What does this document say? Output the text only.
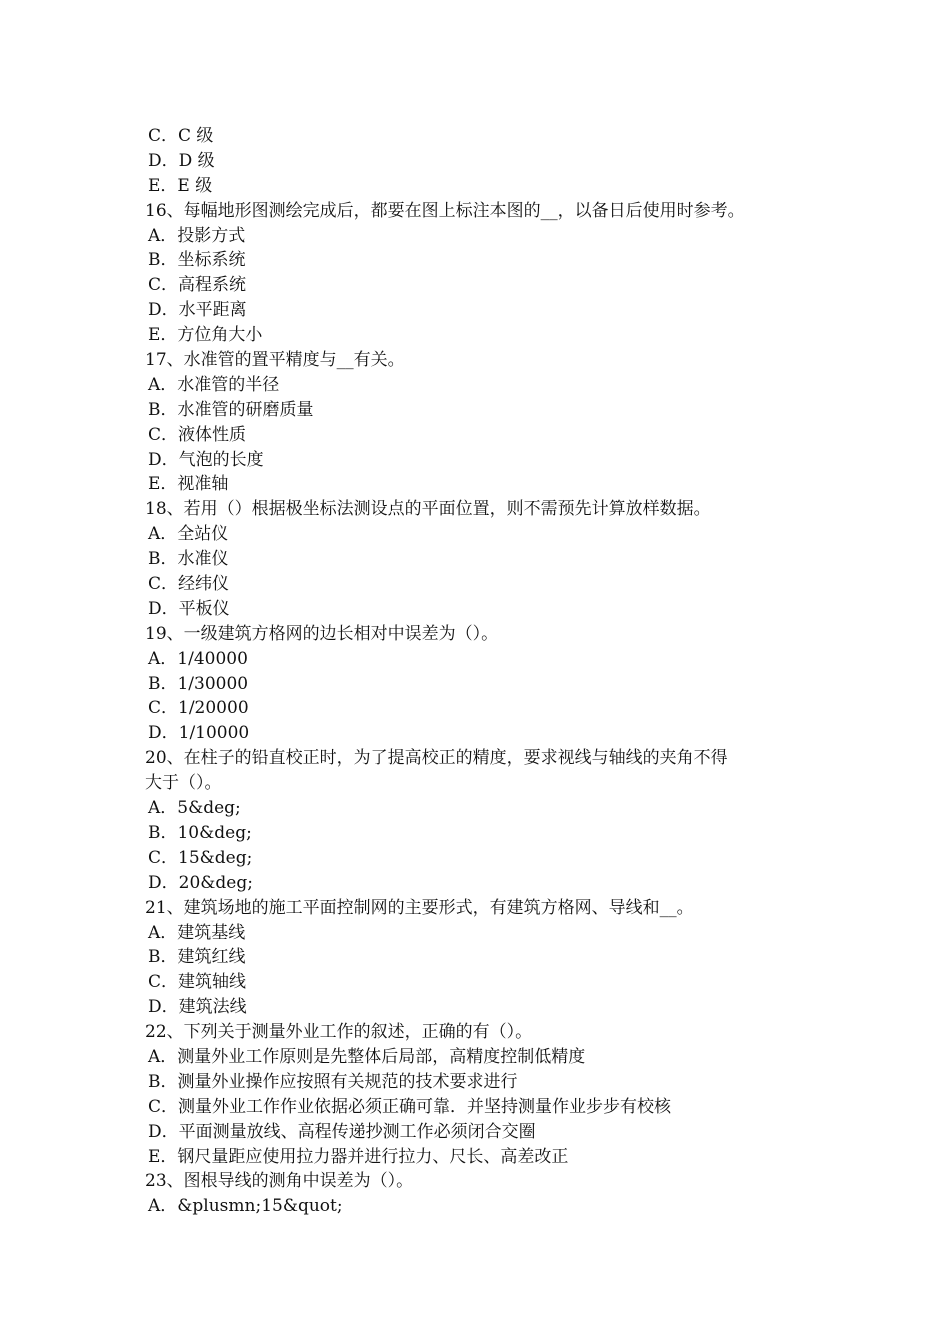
C．C 级
D．D 级
E．E 级
16、每幅地形图测绘完成后，都要在图上标注本图的__，以备日后使用时参考。
A．投影方式
B．坐标系统
C．高程系统
D．水平距离
E．方位角大小
17、水准管的置平精度与__有关。
A．水准管的半径
B．水准管的研磨质量
C．液体性质
D．气泡的长度
E．视准轴
18、若用（）根据极坐标法测设点的平面位置，则不需预先计算放样数据。
A．全站仪
B．水准仪
C．经纬仪
D．平板仪
19、一级建筑方格网的边长相对中误差为（）。
A．1/40000
B．1/30000
C．1/20000
D．1/10000
20、在柱子的铅直校正时，为了提高校正的精度，要求视线与轴线的夹角不得
大于（）。
A．5&deg;
B．10&deg;
C．15&deg;
D．20&deg;
21、建筑场地的施工平面控制网的主要形式，有建筑方格网、导线和__。
A．建筑基线
B．建筑红线
C．建筑轴线
D．建筑法线
22、下列关于测量外业工作的叙述，正确的有（）。
A．测量外业工作原则是先整体后局部，高精度控制低精度
B．测量外业操作应按照有关规范的技术要求进行
C．测量外业工作作业依据必须正确可靠．并坚持测量作业步步有校核
D．平面测量放线、高程传递抄测工作必须闭合交圈
E．钢尺量距应使用拉力器并进行拉力、尺长、高差改正
23、图根导线的测角中误差为（）。
A．&plusmn;15&quot;
